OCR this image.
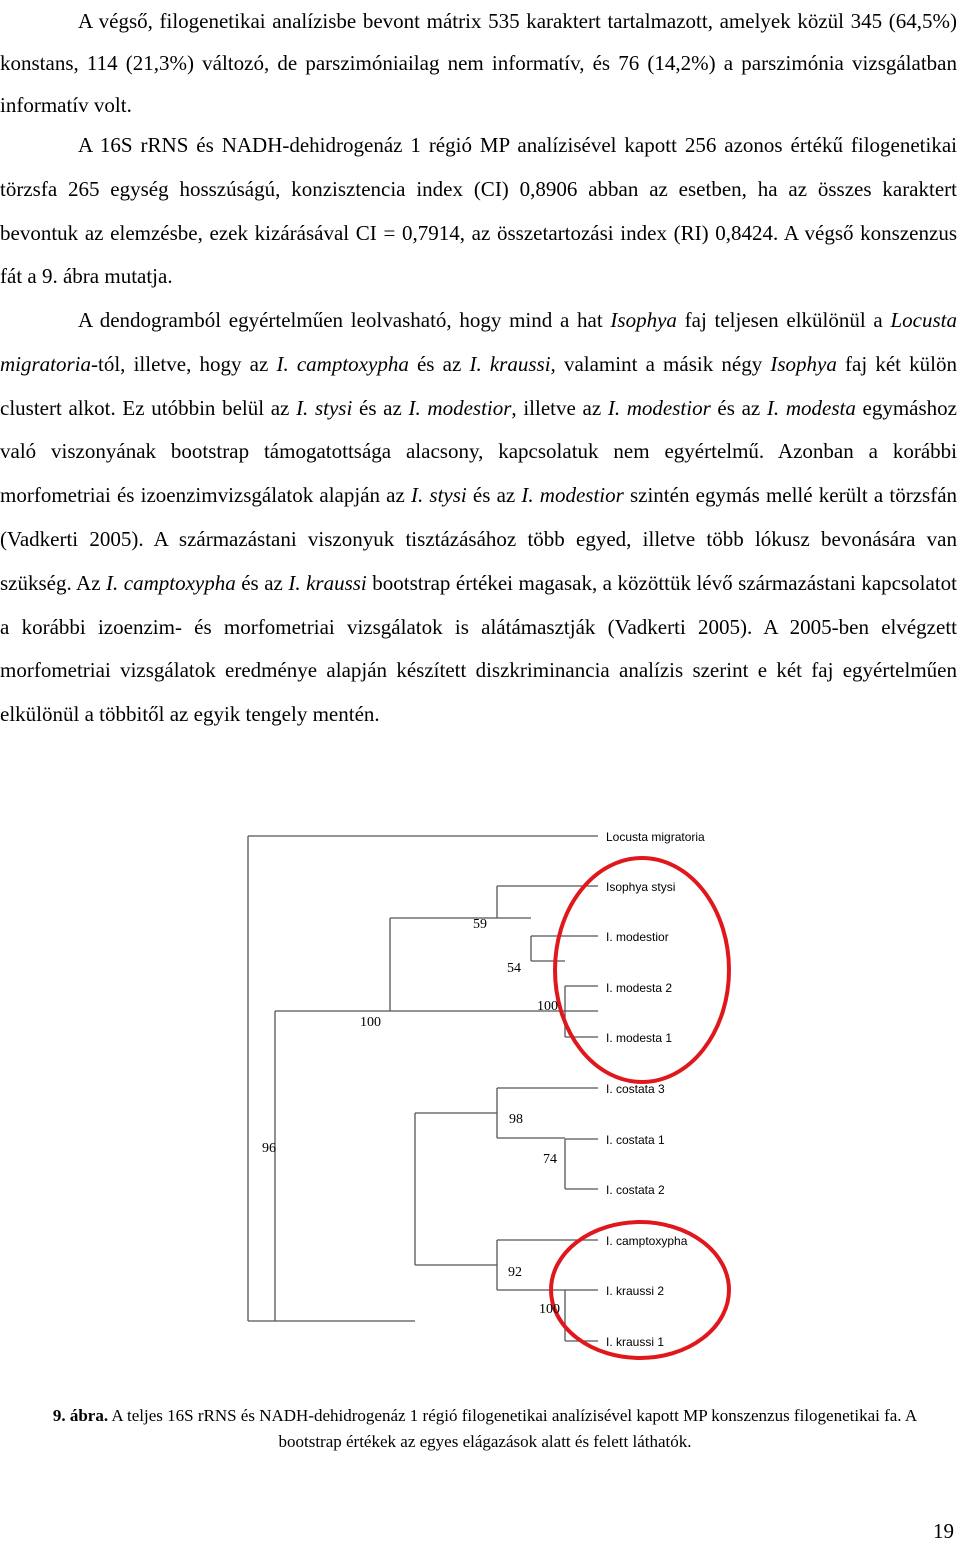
A végső, filogenetikai analízisbe bevont mátrix 535 karaktert tartalmazott, amelyek közül 345 (64,5%) konstans, 114 (21,3%) változó, de parszimóniailag nem informatív, és 76 (14,2%) a parszimónia vizsgálatban informatív volt.

A 16S rRNS és NADH-dehidrogenáz 1 régió MP analízisével kapott 256 azonos értékű filogenetikai törzsfa 265 egység hosszúságú, konzisztencia index (CI) 0,8906 abban az esetben, ha az összes karaktert bevontuk az elemzésbe, ezek kizárásával CI = 0,7914, az összetartozási index (RI) 0,8424. A végső konszenzus fát a 9. ábra mutatja.

A dendogramból egyértelműen leolvasható, hogy mind a hat Isophya faj teljesen elkülönül a Locusta migratoria-tól, illetve, hogy az I. camptoxypha és az I. kraussi, valamint a másik négy Isophya faj két külön clustert alkot. Ez utóbbin belül az I. stysi és az I. modestior, illetve az I. modestior és az I. modesta egymáshoz való viszonyának bootstrap támogatottsága alacsony, kapcsolatuk nem egyértelmű. Azonban a korábbi morfometriai és izoenzimvizsgálatok alapján az I. stysi és az I. modestior szintén egymás mellé került a törzsfán (Vadkerti 2005). A származástani viszonyuk tisztázásához több egyed, illetve több lókusz bevonására van szükség. Az I. camptoxypha és az I. kraussi bootstrap értékei magasak, a közöttük lévő származástani kapcsolatot a korábbi izoenzim- és morfometriai vizsgálatok is alátámasztják (Vadkerti 2005). A 2005-ben elvégzett morfometriai vizsgálatok eredménye alapján készített diszkriminancia analízis szerint e két faj egyértelműen elkülönül a többitől az egyik tengely mentén.

Locusta migratoria
Isophya stysi
I. modestior
I. modesta 2
I. modesta 1
I. costata 3
I. costata 1
I. costata 2
I. camptoxypha
I. kraussi 2
I. kraussi 1
59
54
100
100
96
98
74
92
100
9. ábra. A teljes 16S rRNS és NADH-dehidrogenáz 1 régió filogenetikai analízisével kapott MP konszenzus filogenetikai fa. A bootstrap értékek az egyes elágazások alatt és felett láthatók.
19
